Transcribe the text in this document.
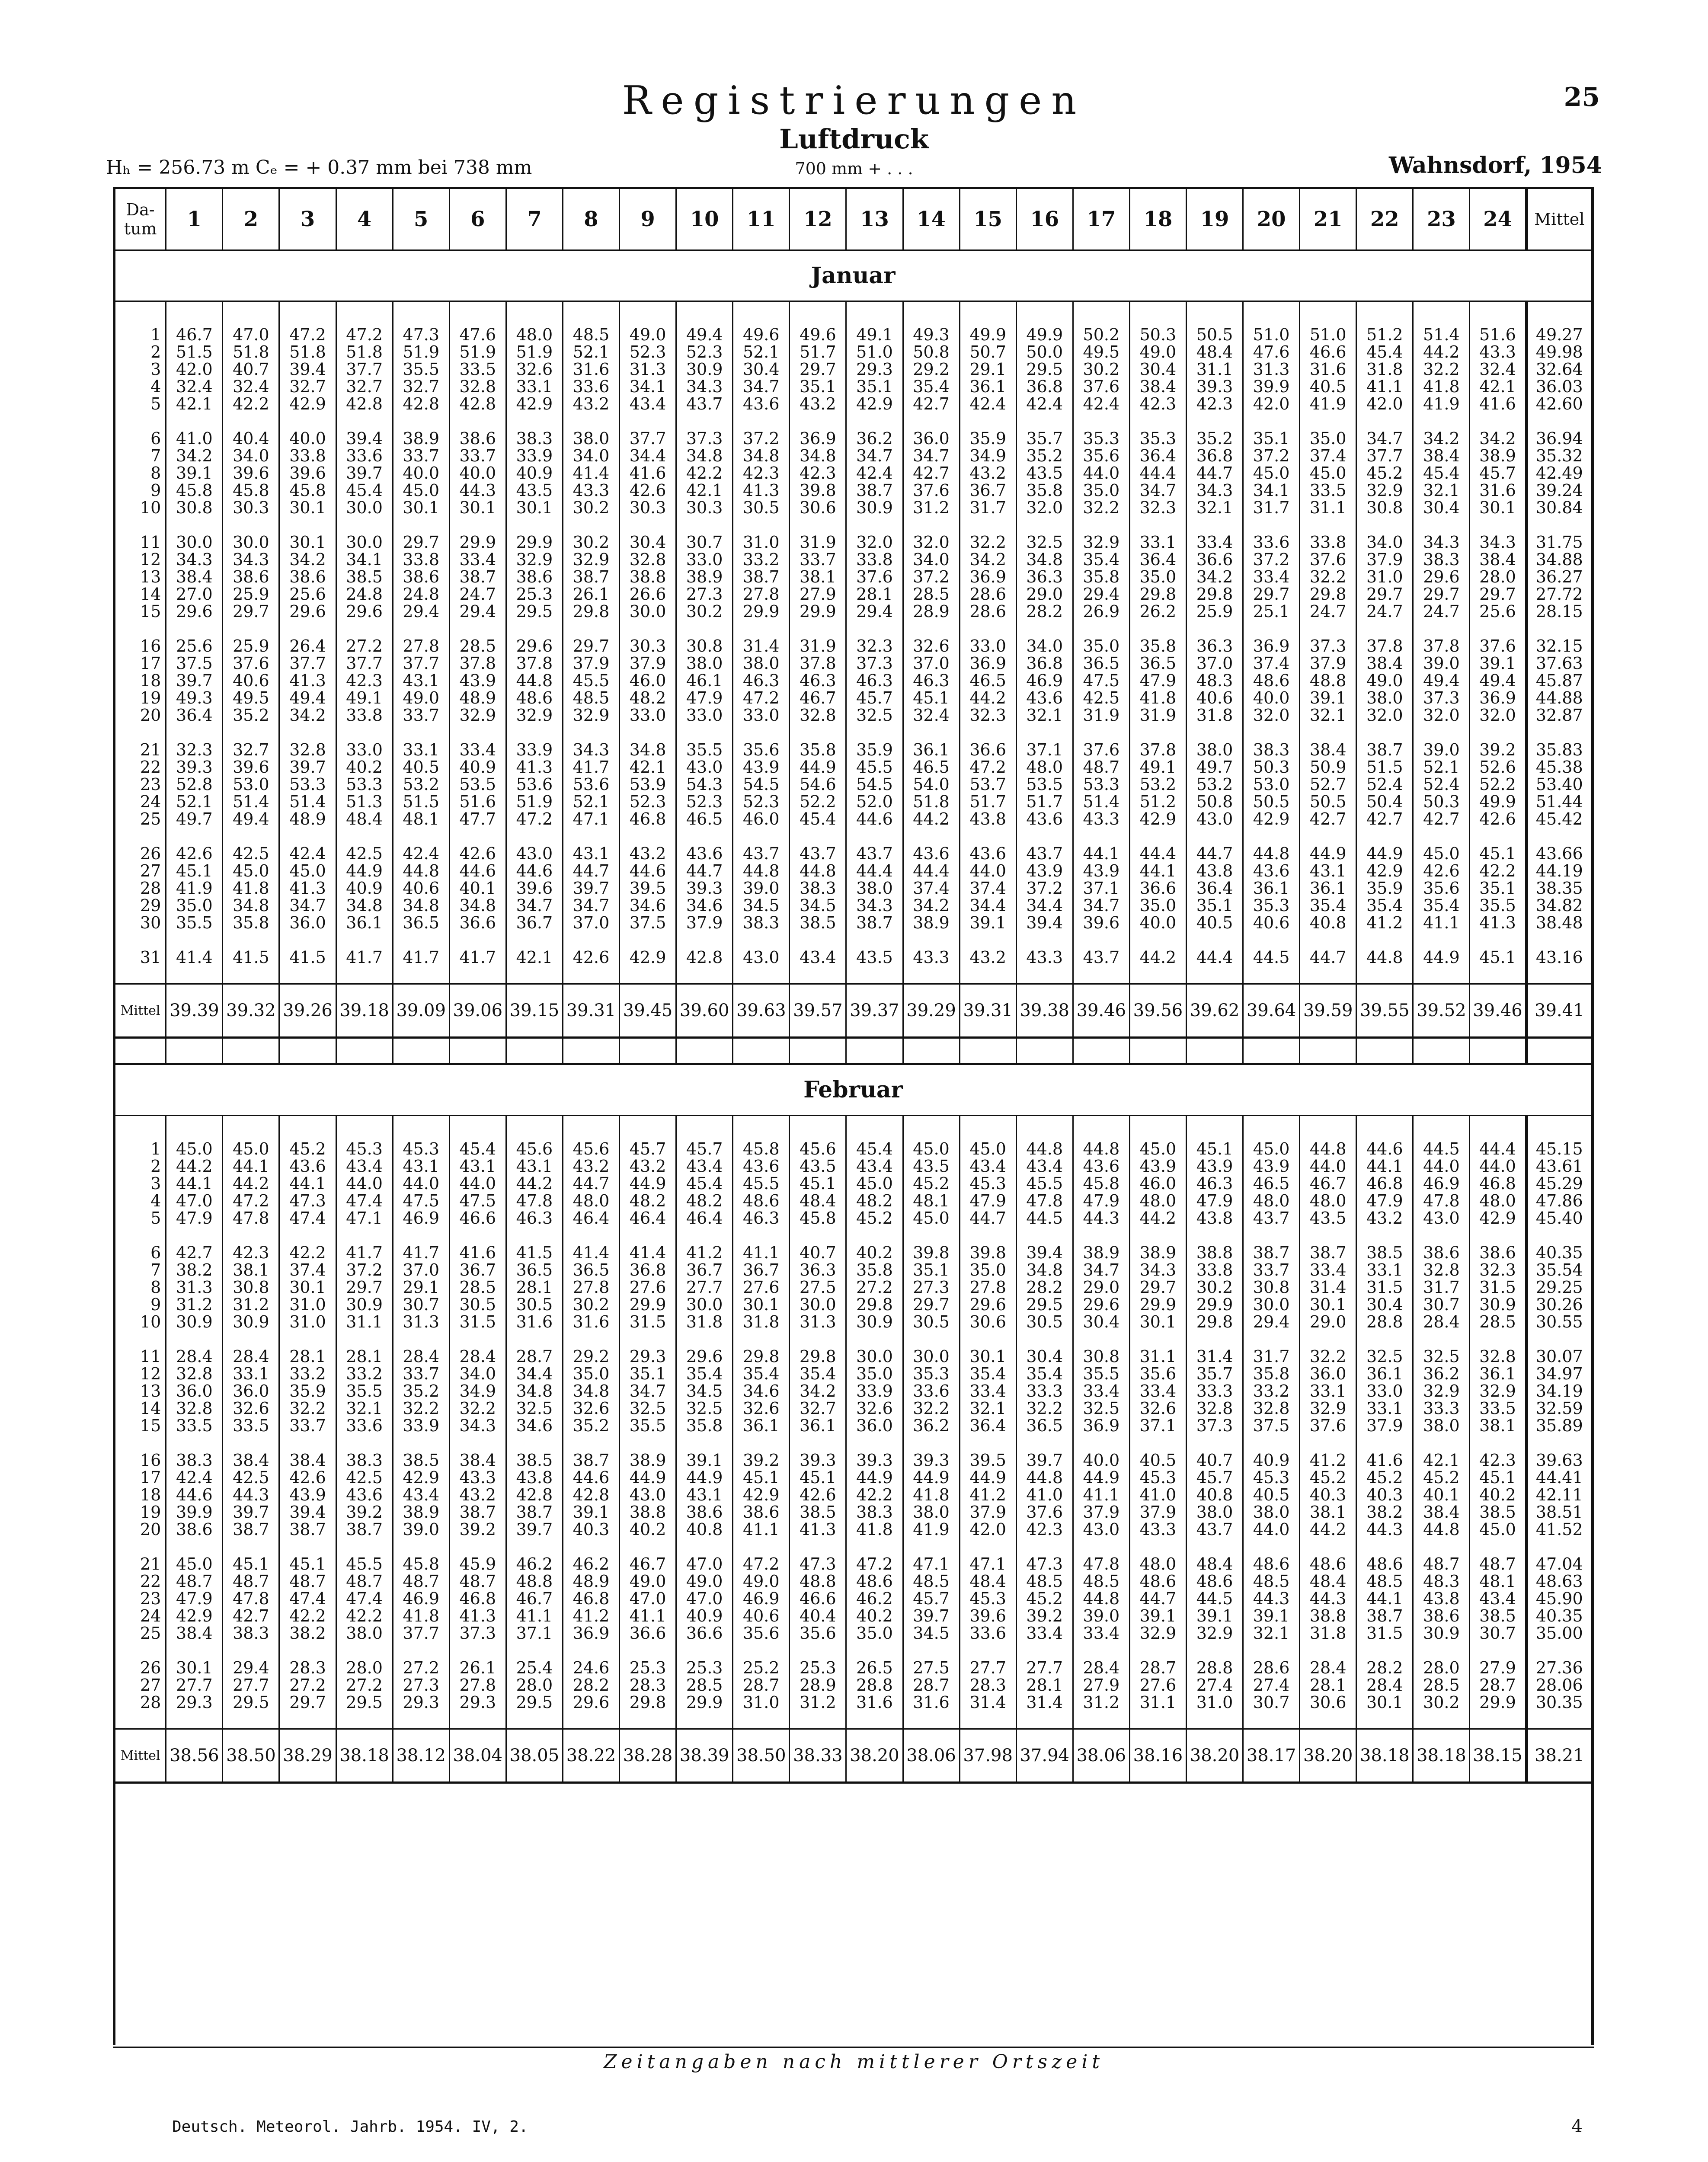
Registrierungen	25
Luftdruck
Hₕ = 256.73 m Cₑ = + 0.37 mm bei 738 mm	700 mm + . . .	Wahnsdorf, 1954
Da-tum	1	2	3	4	5	6	7	8	9	10	11	12	13	14	15	16	17	18	19	20	21	22	23	24	Mittel
Januar																									

1	46.7	47.0	47.2	47.2	47.3	47.6	48.0	48.5	49.0	49.4	49.6	49.6	49.1	49.3	49.9	49.9	50.2	50.3	50.5	51.0	51.0	51.2	51.4	51.6	49.27
2	51.5	51.8	51.8	51.8	51.9	51.9	51.9	52.1	52.3	52.3	52.1	51.7	51.0	50.8	50.7	50.0	49.5	49.0	48.4	47.6	46.6	45.4	44.2	43.3	49.98
3	42.0	40.7	39.4	37.7	35.5	33.5	32.6	31.6	31.3	30.9	30.4	29.7	29.3	29.2	29.1	29.5	30.2	30.4	31.1	31.3	31.6	31.8	32.2	32.4	32.64
4	32.4	32.4	32.7	32.7	32.7	32.8	33.1	33.6	34.1	34.3	34.7	35.1	35.1	35.4	36.1	36.8	37.6	38.4	39.3	39.9	40.5	41.1	41.8	42.1	36.03
5	42.1	42.2	42.9	42.8	42.8	42.8	42.9	43.2	43.4	43.7	43.6	43.2	42.9	42.7	42.4	42.4	42.4	42.3	42.3	42.0	41.9	42.0	41.9	41.6	42.60

6	41.0	40.4	40.0	39.4	38.9	38.6	38.3	38.0	37.7	37.3	37.2	36.9	36.2	36.0	35.9	35.7	35.3	35.3	35.2	35.1	35.0	34.7	34.2	34.2	36.94
7	34.2	34.0	33.8	33.6	33.7	33.7	33.9	34.0	34.4	34.8	34.8	34.8	34.7	34.7	34.9	35.2	35.6	36.4	36.8	37.2	37.4	37.7	38.4	38.9	35.32
8	39.1	39.6	39.6	39.7	40.0	40.0	40.9	41.4	41.6	42.2	42.3	42.3	42.4	42.7	43.2	43.5	44.0	44.4	44.7	45.0	45.0	45.2	45.4	45.7	42.49
9	45.8	45.8	45.8	45.4	45.0	44.3	43.5	43.3	42.6	42.1	41.3	39.8	38.7	37.6	36.7	35.8	35.0	34.7	34.3	34.1	33.5	32.9	32.1	31.6	39.24
10	30.8	30.3	30.1	30.0	30.1	30.1	30.1	30.2	30.3	30.3	30.5	30.6	30.9	31.2	31.7	32.0	32.2	32.3	32.1	31.7	31.1	30.8	30.4	30.1	30.84

11	30.0	30.0	30.1	30.0	29.7	29.9	29.9	30.2	30.4	30.7	31.0	31.9	32.0	32.0	32.2	32.5	32.9	33.1	33.4	33.6	33.8	34.0	34.3	34.3	31.75
12	34.3	34.3	34.2	34.1	33.8	33.4	32.9	32.9	32.8	33.0	33.2	33.7	33.8	34.0	34.2	34.8	35.4	36.4	36.6	37.2	37.6	37.9	38.3	38.4	34.88
13	38.4	38.6	38.6	38.5	38.6	38.7	38.6	38.7	38.8	38.9	38.7	38.1	37.6	37.2	36.9	36.3	35.8	35.0	34.2	33.4	32.2	31.0	29.6	28.0	36.27
14	27.0	25.9	25.6	24.8	24.8	24.7	25.3	26.1	26.6	27.3	27.8	27.9	28.1	28.5	28.6	29.0	29.4	29.8	29.8	29.7	29.8	29.7	29.7	29.7	27.72
15	29.6	29.7	29.6	29.6	29.4	29.4	29.5	29.8	30.0	30.2	29.9	29.9	29.4	28.9	28.6	28.2	26.9	26.2	25.9	25.1	24.7	24.7	24.7	25.6	28.15

16	25.6	25.9	26.4	27.2	27.8	28.5	29.6	29.7	30.3	30.8	31.4	31.9	32.3	32.6	33.0	34.0	35.0	35.8	36.3	36.9	37.3	37.8	37.8	37.6	32.15
17	37.5	37.6	37.7	37.7	37.7	37.8	37.8	37.9	37.9	38.0	38.0	37.8	37.3	37.0	36.9	36.8	36.5	36.5	37.0	37.4	37.9	38.4	39.0	39.1	37.63
18	39.7	40.6	41.3	42.3	43.1	43.9	44.8	45.5	46.0	46.1	46.3	46.3	46.3	46.3	46.5	46.9	47.5	47.9	48.3	48.6	48.8	49.0	49.4	49.4	45.87
19	49.3	49.5	49.4	49.1	49.0	48.9	48.6	48.5	48.2	47.9	47.2	46.7	45.7	45.1	44.2	43.6	42.5	41.8	40.6	40.0	39.1	38.0	37.3	36.9	44.88
20	36.4	35.2	34.2	33.8	33.7	32.9	32.9	32.9	33.0	33.0	33.0	32.8	32.5	32.4	32.3	32.1	31.9	31.9	31.8	32.0	32.1	32.0	32.0	32.0	32.87

21	32.3	32.7	32.8	33.0	33.1	33.4	33.9	34.3	34.8	35.5	35.6	35.8	35.9	36.1	36.6	37.1	37.6	37.8	38.0	38.3	38.4	38.7	39.0	39.2	35.83
22	39.3	39.6	39.7	40.2	40.5	40.9	41.3	41.7	42.1	43.0	43.9	44.9	45.5	46.5	47.2	48.0	48.7	49.1	49.7	50.3	50.9	51.5	52.1	52.6	45.38
23	52.8	53.0	53.3	53.3	53.2	53.5	53.6	53.6	53.9	54.3	54.5	54.6	54.5	54.0	53.7	53.5	53.3	53.2	53.2	53.0	52.7	52.4	52.4	52.2	53.40
24	52.1	51.4	51.4	51.3	51.5	51.6	51.9	52.1	52.3	52.3	52.3	52.2	52.0	51.8	51.7	51.7	51.4	51.2	50.8	50.5	50.5	50.4	50.3	49.9	51.44
25	49.7	49.4	48.9	48.4	48.1	47.7	47.2	47.1	46.8	46.5	46.0	45.4	44.6	44.2	43.8	43.6	43.3	42.9	43.0	42.9	42.7	42.7	42.7	42.6	45.42

26	42.6	42.5	42.4	42.5	42.4	42.6	43.0	43.1	43.2	43.6	43.7	43.7	43.7	43.6	43.6	43.7	44.1	44.4	44.7	44.8	44.9	44.9	45.0	45.1	43.66
27	45.1	45.0	45.0	44.9	44.8	44.6	44.6	44.7	44.6	44.7	44.8	44.8	44.4	44.4	44.0	43.9	43.9	44.1	43.8	43.6	43.1	42.9	42.6	42.2	44.19
28	41.9	41.8	41.3	40.9	40.6	40.1	39.6	39.7	39.5	39.3	39.0	38.3	38.0	37.4	37.4	37.2	37.1	36.6	36.4	36.1	36.1	35.9	35.6	35.1	38.35
29	35.0	34.8	34.7	34.8	34.8	34.8	34.7	34.7	34.6	34.6	34.5	34.5	34.3	34.2	34.4	34.4	34.7	35.0	35.1	35.3	35.4	35.4	35.4	35.5	34.82
30	35.5	35.8	36.0	36.1	36.5	36.6	36.7	37.0	37.5	37.9	38.3	38.5	38.7	38.9	39.1	39.4	39.6	40.0	40.5	40.6	40.8	41.2	41.1	41.3	38.48

31	41.4	41.5	41.5	41.7	41.7	41.7	42.1	42.6	42.9	42.8	43.0	43.4	43.5	43.3	43.2	43.3	43.7	44.2	44.4	44.5	44.7	44.8	44.9	45.1	43.16

Mittel	39.39	39.32	39.26	39.18	39.09	39.06	39.15	39.31	39.45	39.60	39.63	39.57	39.37	39.29	39.31	39.38	39.46	39.56	39.62	39.64	39.59	39.55	39.52	39.46	39.41

Februar																									

1	45.0	45.0	45.2	45.3	45.3	45.4	45.6	45.6	45.7	45.7	45.8	45.6	45.4	45.0	45.0	44.8	44.8	45.0	45.1	45.0	44.8	44.6	44.5	44.4	45.15
2	44.2	44.1	43.6	43.4	43.1	43.1	43.1	43.2	43.2	43.4	43.6	43.5	43.4	43.5	43.4	43.4	43.6	43.9	43.9	43.9	44.0	44.1	44.0	44.0	43.61
3	44.1	44.2	44.1	44.0	44.0	44.0	44.2	44.7	44.9	45.4	45.5	45.1	45.0	45.2	45.3	45.5	45.8	46.0	46.3	46.5	46.7	46.8	46.9	46.8	45.29
4	47.0	47.2	47.3	47.4	47.5	47.5	47.8	48.0	48.2	48.2	48.6	48.4	48.2	48.1	47.9	47.8	47.9	48.0	47.9	48.0	48.0	47.9	47.8	48.0	47.86
5	47.9	47.8	47.4	47.1	46.9	46.6	46.3	46.4	46.4	46.4	46.3	45.8	45.2	45.0	44.7	44.5	44.3	44.2	43.8	43.7	43.5	43.2	43.0	42.9	45.40

6	42.7	42.3	42.2	41.7	41.7	41.6	41.5	41.4	41.4	41.2	41.1	40.7	40.2	39.8	39.8	39.4	38.9	38.9	38.8	38.7	38.7	38.5	38.6	38.6	40.35
7	38.2	38.1	37.4	37.2	37.0	36.7	36.5	36.5	36.8	36.7	36.7	36.3	35.8	35.1	35.0	34.8	34.7	34.3	33.8	33.7	33.4	33.1	32.8	32.3	35.54
8	31.3	30.8	30.1	29.7	29.1	28.5	28.1	27.8	27.6	27.7	27.6	27.5	27.2	27.3	27.8	28.2	29.0	29.7	30.2	30.8	31.4	31.5	31.7	31.5	29.25
9	31.2	31.2	31.0	30.9	30.7	30.5	30.5	30.2	29.9	30.0	30.1	30.0	29.8	29.7	29.6	29.5	29.6	29.9	29.9	30.0	30.1	30.4	30.7	30.9	30.26
10	30.9	30.9	31.0	31.1	31.3	31.5	31.6	31.6	31.5	31.8	31.8	31.3	30.9	30.5	30.6	30.5	30.4	30.1	29.8	29.4	29.0	28.8	28.4	28.5	30.55

11	28.4	28.4	28.1	28.1	28.4	28.4	28.7	29.2	29.3	29.6	29.8	29.8	30.0	30.0	30.1	30.4	30.8	31.1	31.4	31.7	32.2	32.5	32.5	32.8	30.07
12	32.8	33.1	33.2	33.2	33.7	34.0	34.4	35.0	35.1	35.4	35.4	35.4	35.0	35.3	35.4	35.4	35.5	35.6	35.7	35.8	36.0	36.1	36.2	36.1	34.97
13	36.0	36.0	35.9	35.5	35.2	34.9	34.8	34.8	34.7	34.5	34.6	34.2	33.9	33.6	33.4	33.3	33.4	33.4	33.3	33.2	33.1	33.0	32.9	32.9	34.19
14	32.8	32.6	32.2	32.1	32.2	32.2	32.5	32.6	32.5	32.5	32.6	32.7	32.6	32.2	32.1	32.2	32.5	32.6	32.8	32.8	32.9	33.1	33.3	33.5	32.59
15	33.5	33.5	33.7	33.6	33.9	34.3	34.6	35.2	35.5	35.8	36.1	36.1	36.0	36.2	36.4	36.5	36.9	37.1	37.3	37.5	37.6	37.9	38.0	38.1	35.89

16	38.3	38.4	38.4	38.3	38.5	38.4	38.5	38.7	38.9	39.1	39.2	39.3	39.3	39.3	39.5	39.7	40.0	40.5	40.7	40.9	41.2	41.6	42.1	42.3	39.63
17	42.4	42.5	42.6	42.5	42.9	43.3	43.8	44.6	44.9	44.9	45.1	45.1	44.9	44.9	44.9	44.8	44.9	45.3	45.7	45.3	45.2	45.2	45.2	45.1	44.41
18	44.6	44.3	43.9	43.6	43.4	43.2	42.8	42.8	43.0	43.1	42.9	42.6	42.2	41.8	41.2	41.0	41.1	41.0	40.8	40.5	40.3	40.3	40.1	40.2	42.11
19	39.9	39.7	39.4	39.2	38.9	38.7	38.7	39.1	38.8	38.6	38.6	38.5	38.3	38.0	37.9	37.6	37.9	37.9	38.0	38.0	38.1	38.2	38.4	38.5	38.51
20	38.6	38.7	38.7	38.7	39.0	39.2	39.7	40.3	40.2	40.8	41.1	41.3	41.8	41.9	42.0	42.3	43.0	43.3	43.7	44.0	44.2	44.3	44.8	45.0	41.52

21	45.0	45.1	45.1	45.5	45.8	45.9	46.2	46.2	46.7	47.0	47.2	47.3	47.2	47.1	47.1	47.3	47.8	48.0	48.4	48.6	48.6	48.6	48.7	48.7	47.04
22	48.7	48.7	48.7	48.7	48.7	48.7	48.8	48.9	49.0	49.0	49.0	48.8	48.6	48.5	48.4	48.5	48.5	48.6	48.6	48.5	48.4	48.5	48.3	48.1	48.63
23	47.9	47.8	47.4	47.4	46.9	46.8	46.7	46.8	47.0	47.0	46.9	46.6	46.2	45.7	45.3	45.2	44.8	44.7	44.5	44.3	44.3	44.1	43.8	43.4	45.90
24	42.9	42.7	42.2	42.2	41.8	41.3	41.1	41.2	41.1	40.9	40.6	40.4	40.2	39.7	39.6	39.2	39.0	39.1	39.1	39.1	38.8	38.7	38.6	38.5	40.35
25	38.4	38.3	38.2	38.0	37.7	37.3	37.1	36.9	36.6	36.6	35.6	35.6	35.0	34.5	33.6	33.4	33.4	32.9	32.9	32.1	31.8	31.5	30.9	30.7	35.00

26	30.1	29.4	28.3	28.0	27.2	26.1	25.4	24.6	25.3	25.3	25.2	25.3	26.5	27.5	27.7	27.7	28.4	28.7	28.8	28.6	28.4	28.2	28.0	27.9	27.36
27	27.7	27.7	27.2	27.2	27.3	27.8	28.0	28.2	28.3	28.5	28.7	28.9	28.8	28.7	28.3	28.1	27.9	27.6	27.4	27.4	28.1	28.4	28.5	28.7	28.06
28	29.3	29.5	29.7	29.5	29.3	29.3	29.5	29.6	29.8	29.9	31.0	31.2	31.6	31.6	31.4	31.4	31.2	31.1	31.0	30.7	30.6	30.1	30.2	29.9	30.35

Mittel	38.56	38.50	38.29	38.18	38.12	38.04	38.05	38.22	38.28	38.39	38.50	38.33	38.20	38.06	37.98	37.94	38.06	38.16	38.20	38.17	38.20	38.18	38.18	38.15	38.21
Zeitangaben nach mittlerer Ortszeit
Deutsch. Meteorol. Jahrb. 1954. IV, 2.	4
